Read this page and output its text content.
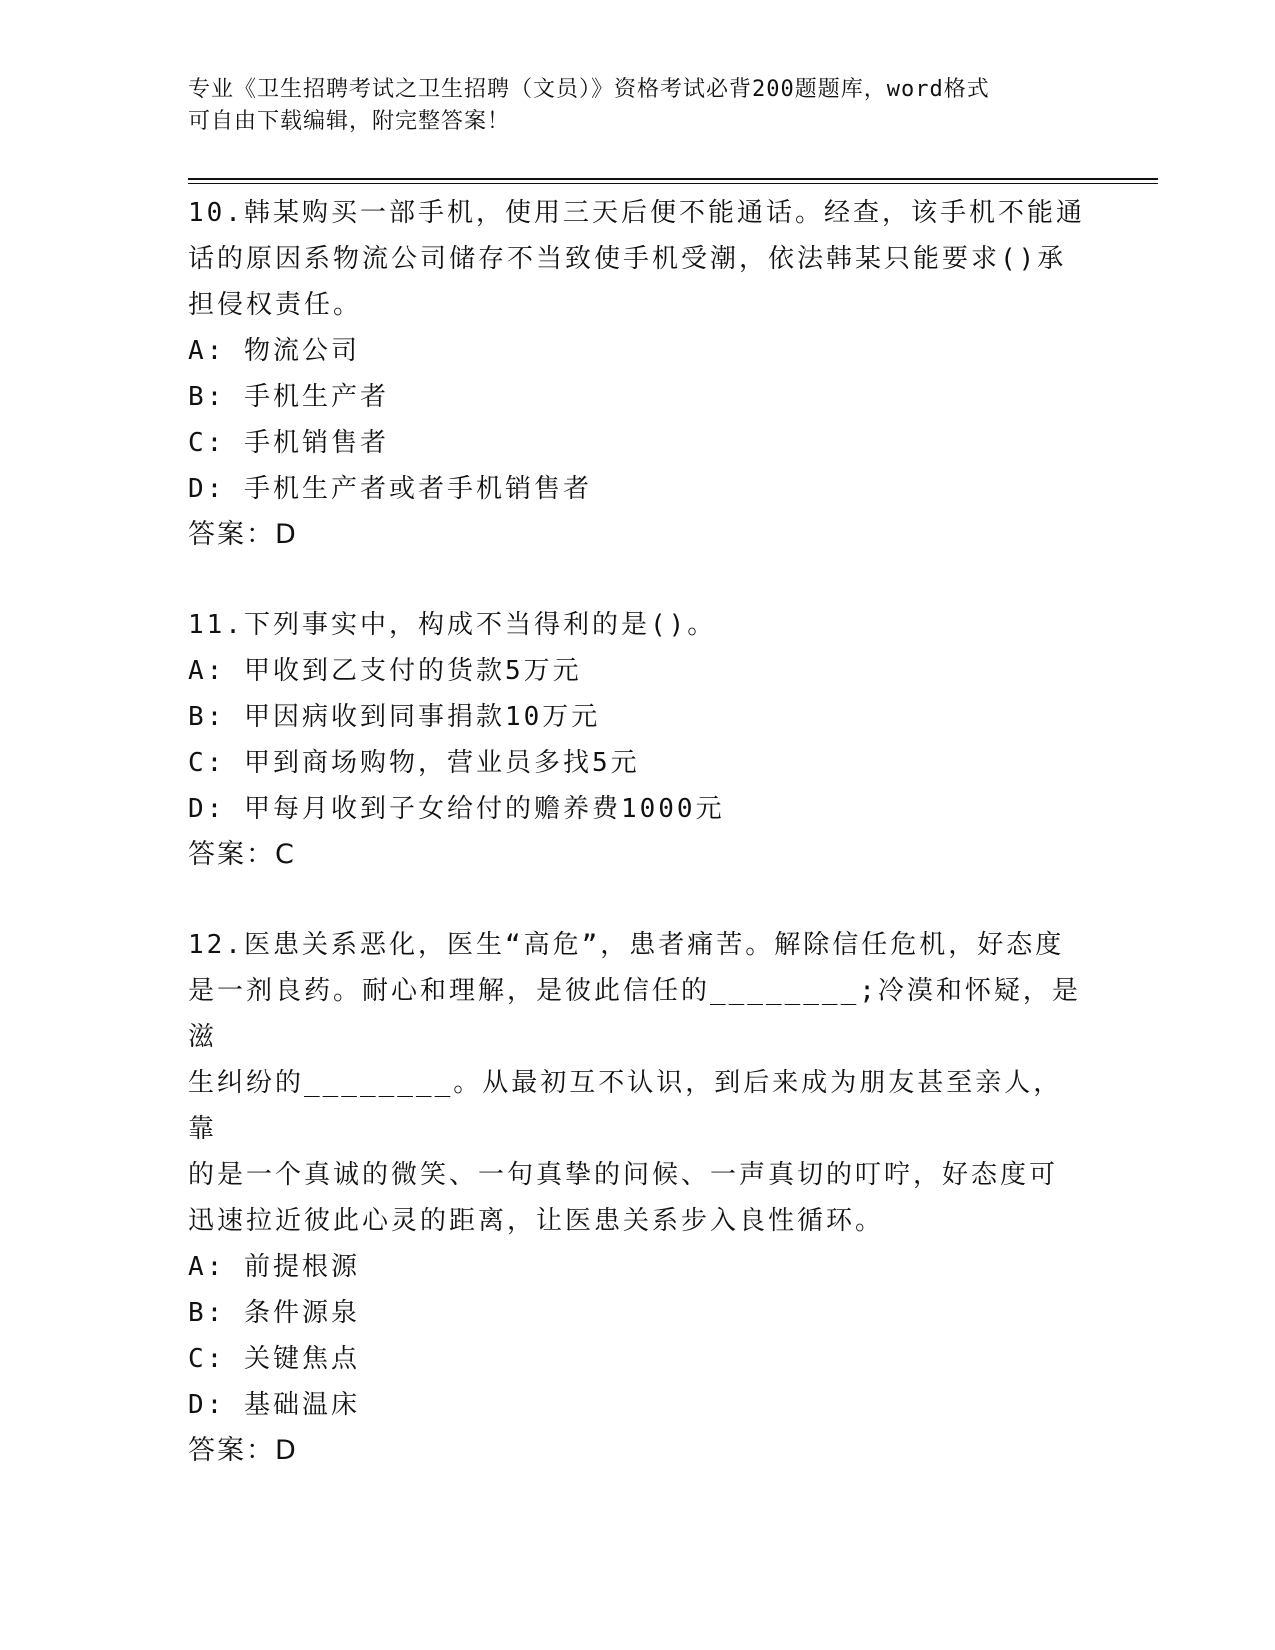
专业《卫生招聘考试之卫生招聘（文员）》资格考试必背200题题库，word格式
可自由下载编辑，附完整答案！

10.韩某购买一部手机，使用三天后便不能通话。经查，该手机不能通

话的原因系物流公司储存不当致使手机受潮，依法韩某只能要求()承

担侵权责任。

A: 物流公司

B: 手机生产者

C: 手机销售者

D: 手机生产者或者手机销售者

答案：D

11.下列事实中，构成不当得利的是()。

A: 甲收到乙支付的货款5万元

B: 甲因病收到同事捐款10万元

C: 甲到商场购物，营业员多找5元

D: 甲每月收到子女给付的赡养费1000元

答案：C

12.医患关系恶化，医生“高危”，患者痛苦。解除信任危机，好态度

是一剂良药。耐心和理解，是彼此信任的________;冷漠和怀疑，是滋

生纠纷的________。从最初互不认识，到后来成为朋友甚至亲人，靠

的是一个真诚的微笑、一句真挚的问候、一声真切的叮咛，好态度可

迅速拉近彼此心灵的距离，让医患关系步入良性循环。

A: 前提根源

B: 条件源泉

C: 关键焦点

D: 基础温床

答案：D
